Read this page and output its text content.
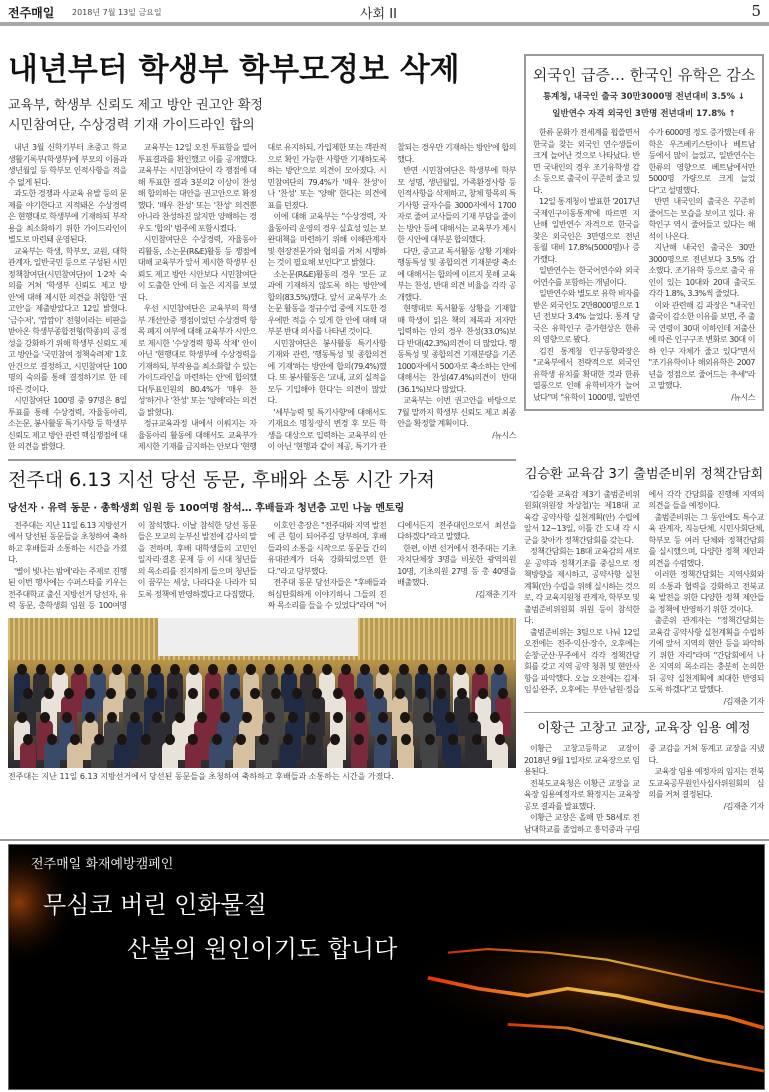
전주매일 2018년 7월 13일 금요일	사회 II	5
내년부터 학생부 학부모정보 삭제
교육부, 학생부 신뢰도 제고 방안 권고안 확정
시민참여단, 수상경력 기재 가이드라인 합의

내년 3월 신학기부터 초중고 학교생활기록부(학생부)에 부모의 이름과 생년월일 등 학부모 인적사항을 적을 수 없게 된다.

과도한 경쟁과 사교육 유발 등의 문제를 야기한다고 지적돼온 수상경력은 현행대로 학생부에 기재하되 부작용을 최소화하기 위한 가이드라인이 별도로 마련돼 운영된다.

교육부는 학생, 학부모, 교원, 대학 관계자, 일반국민 등으로 구성된 시민정책참여단(시민참여단)이 1·2차 숙의를 거쳐 '학생부 신뢰도 제고 방안'에 대해 제시한 의견을 취합한 '권고안'을 제출받았다고 12일 밝혔다. '금수저', '깜깜이' 전형이라는 비판을 받아온 학생부종합전형(학종)의 공정성을 강화하기 위해 학생부 신뢰도 제고 방안을 '국민참여 정책숙려제' 1호 안건으로 결정하고, 시민참여단 100명의 숙의를 통해 결정하기로 한 데 따른 것이다.

시민참여단 100명 중 97명은 8일 투표를 통해 수상경력, 자율동아리, 소논문, 봉사활동 특기사항 등 학생부 신뢰도 제고 방안 관련 핵심쟁점에 대한 의견을 밝혔다.

교육부는 12일 오전 투표함을 열어 투표결과를 확인했고 이를 공개했다. 교육부는 시민참여단이 각 쟁점에 대해 투표한 결과 3분의2 이상이 찬성해 합의하는 대안을 권고안으로 확정했다. '매우 찬성' 또는 '찬성' 의견뿐 아니라 찬성하진 않지만 양해하는 경우도 '합의' 범주에 포함시켰다.

시민참여단은 수상경력, 자율동아리활동, 소논문(R&E)활동 등 쟁점에 대해 교육부가 앞서 제시한 학생부 신뢰도 제고 방안 시안보다 시민참여단이 도출한 안에 더 높은 지지를 보였다.

우선 시민참여단은 교육부의 학생부 개선안중 쟁점이었던 수상경력 항목 폐지 여부에 대해 교육부가 시안으로 제시한 '수상경력 항목 삭제' 안이 아닌 '현행대로 학생부에 수상경력을 기재하되, 부작용을 최소화할 수 있는 가이드라인을 마련하는 안'에 합의했다(투표인원의 80.4%가 '매우 찬성'하거나 '찬성' 또는 '양해'라는 의견을 밝혔다).

정규교육과정 내에서 이뤄지는 자율동아리 활동에 대해서도 교육부가 제시한 기재를 금지하는 안보다 '현행대로 유지하되, 가입제한 또는 객관적으로 확인 가능한 사항만 기재하도록 하는 방안'으로 의견이 모아졌다. 시민참여단의 79.4%가 '매우 찬성'이나 '찬성' 또는 '양해' 한다는 의견에 표를 던졌다.

이에 대해 교육부는 "수상경력, 자율동아리 운영의 경우 실효성 있는 보완대책을 마련하기 위해 이해관계자 및 현장전문가와 협의를 거쳐 시행하는 것이 필요해 보인다"고 밝혔다.

소논문(R&E)활동의 경우 '모든 교과에 기재하지 않도록 하는 방안'에 합의(83.5%)했다. 앞서 교육부가 소논문 활동을 정규수업 중에 지도한 경우에만 적을 수 있게 한 안에 대해 대부분 반대 의사를 나타낸 것이다.

시민참여단은 봉사활동 특기사항 기재와 관련, '행동특성 및 종합의견에 기재'하는 방안에 합의(79.4%)했다. 또 봉사활동은 '교내, 교외 실적을 모두 기입해야 한다'는 의견이 많았다.

'세부능력 및 특기사항'에 대해서도 기재요소 명칭·양식 변경 후 모든 학생을 대상으로 입력하는 교육부의 안이 아닌 '현행과 같이 제공, 특기가 관찰되는 경우만 기재하는 방안'에 합의했다.

반면 시민참여단은 학생부에 학부모 성명, 생년월일, 가족환경사항 등 인적사항을 삭제하고, 창체 항목의 특기사항 글자수를 3000자에서 1700자로 줄여 교사들의 기재 부담을 줄이는 방안 등에 대해서는 교육부가 제시한 시안에 대부분 합의했다.

다만, 중고교 독서활동 상황 기재와 행동특성 및 종합의견 기재분량 축소에 대해서는 합의에 이르지 못해 교육부는 찬성, 반대 의견 비율을 각각 공개했다.

현행대로 독서활동 상황을 기재할 때 학생이 읽은 책의 제목과 저자만 입력하는 안의 경우 찬성(33.0%)보다 반대(42.3%)의견이 더 많았다. 행동특성 및 종합의견 기재분량을 기존 1000자에서 500자로 축소하는 안에 대해서는 찬성(47.4%)의견이 반대(36.1%)보다 많았다.

교육부는 이번 권고안을 바탕으로 7월 말까지 학생부 신뢰도 제고 최종안을 확정할 계획이다.

/뉴시스
외국인 급증… 한국인 유학은 감소
통계청, 내국인 출국 30만3000명 전년대비 3.5% ↓
일반연수 자격 외국인 3만명 전년대비 17.8% ↑

한류 문화가 전세계를 휩쓸면서 한국을 찾는 외국인 연수생들이 크게 늘어난 것으로 나타났다. 반면 국내인의 경우 조기유학생 감소 등으로 출국이 꾸준히 줄고 있다.

12일 통계청이 발표한 '2017년 국제인구이동통계'에 따르면 지난해 일반연수 자격으로 한국을 찾은 외국인은 3만명으로 전년 동월 대비 17.8%(5000명)나 증가했다.

일반연수는 한국어연수와 외국어연수를 포함하는 개념이다.

일반연수와 별도로 유학 비자를 받은 외국인도 2만8000명으로 1년 전보다 3.4% 늘었다. 통계 당국은 유학인구 증가현상은 한류의 영향으로 봤다.

김진 통계청 인구동향과장은 "교육부에서 전략적으로 외국인 유학생 유치를 확대한 것과 한류 열풍으로 인해 유학비자가 늘어났다"며 "유학이 1000명, 일반연수가 6000명 정도 증가했는데 유학은 우즈베키스탄이나 베트남 등에서 많이 늘었고, 일반연수는 한류의 영향으로 베트남에서만 5000명 가량으로 크게 늘었다"고 설명했다.

반면 내국인의 출국은 꾸준히 줄어드는 모습을 보이고 있다. 유학인구 역시 줄어들고 있다는 해석이 나온다.

지난해 내국인 출국은 30만3000명으로 전년보다 3.5% 감소했다. 조기유학 등으로 출국 유인이 있는 10대와 20대 출국도 각각 1.8%, 3.3%씩 줄었다.

이와 관련해 김 과장은 "내국인 출국이 감소한 이유를 보면, 주 출국 연령이 30대 이하인데 저출산에 따른 인구구조 변화로 30대 이하 인구 자체가 줄고 있다"면서 "조기유학이나 해외유학은 2007년을 정점으로 줄어드는 추세"라고 말했다.

/뉴시스
전주대 6.13 지선 당선 동문, 후배와 소통 시간 가져
당선자 · 유력 동문 · 총학생회 임원 등 100여명 참석… 후배들과 청년층 고민 나눔 멘토링

전주대는 지난 11일 6.13 지방선거에서 당선된 동문들을 초청하여 축하하고 후배들과 소통하는 시간을 가졌다.

'별이 빛나는 밤에'라는 주제로 진행된 이번 행사에는 수퍼스타를 키우는 전주대학교 출신 지방선거 당선자, 유력 동문, 총학생회 임원 등 100여명이 참석했다. 이날 참석한 당선 동문들은 모교의 눈부신 발전에 감사의 말을 전하며, 후배 대학생들의 고민인 일자리·결혼 문제 등 이 시대 청년들의 목소리를 진지하게 들으며 청년들이 꿈꾸는 세상, 나라다운 나라가 되도록 정책에 반영하겠다고 다짐했다.

이호인 총장은 "전주대와 지역 발전에 큰 힘이 되어주길 당부하며, 후배들과의 소통을 시작으로 동문들 간의 유대관계가 더욱 강화되었으면 한다."라고 당부했다.

전주대 동문 당선자들은 "후배들과 허심탄회하게 이야기하니 그들의 진짜 목소리를 들을 수 있었다"라며 "어디에서든지 전주대인으로서 최선을 다하겠다"라고 말했다.

한편, 이번 선거에서 전주대는 기초자치단체장 3명을 비롯한 광역의원 10명, 기초의원 27명 등 총 40명을 배출했다.

/김재춘 기자
전주대는 지난 11일 6.13 지방선거에서 당선된 동문들을 초청하여 축하하고 후배들과 소통하는 시간을 가졌다.
김승환 교육감 3기 출범준비위 정책간담회

'김승환 교육감 제3기 출범준비위원회(위원장 차상철)'는 제18대 교육감 공약사항 실천계획(안) 수립에 앞서 12~13일, 이틀 간 도내 각 시군을 찾아가 정책간담회를 갖는다.

정책간담회는 18대 교육감의 새로운 공약과 정책기조를 중심으로 정책방향을 제시하고, 공약사항 실천계획(안) 수립을 위해 실시하는 것으로, 각 교육지원청 관계자, 학부모 및 출범준비위원회 위원 등이 참석한다.

출범준비위는 3팀으로 나눠 12일 오전에는 전주·익산·장수, 오후에는 순창·군산·무주에서 각각 정책간담회를 갖고 지역 공약 청취 및 현안사항을 파악했다. 오늘 오전에는 김제·임실·완주, 오후에는 부안·남원·정읍에서 각각 간담회를 진행해 지역의 의견을 들을 예정이다.

출범준비위는 그 동안에도 특수교육 관계자, 직능단체, 시민사회단체, 학부모 등 여러 단체와 정책간담회를 실시했으며, 다양한 정책 제안과 의견을 수렴했다.

이러한 정책간담회는 지역사회와의 소통과 협력을 강화하고 전북교육 발전을 위한 다양한 정책 제안들을 정책에 반영하기 위한 것이다.

출준위 관계자는 "정책간담회는 교육감 공약사항 실천계획을 수립하기에 앞서 지역의 현안 등을 파악하기 위한 자리"라며 "간담회에서 나온 지역의 목소리는 충분히 논의한 뒤 공약 실천계획에 최대한 반영되도록 하겠다"고 말했다.

/김재춘 기자
이황근 고창고 교장, 교육장 임용 예정

이황근 고창고등학교 교장이 2018년 9월 1일자로 교육장으로 임용된다.

전북도교육청은 이황근 교장을 교육장 임용예정자로 확정지는 교육장 공모 결과를 발표했다.

이황근 교장은 올해 만 58세로 전남대학교를 졸업하고 흥덕중과 구림중 교감을 거쳐 동계고 교장을 지냈다.

교육장 임용 예정자의 임지는 전북도교육공무원인사심사위원회의 심의를 거쳐 결정된다.

/김재춘 기자
전주매일 화재예방캠페인
무심코 버린 인화물질
산불의 원인이기도 합니다
